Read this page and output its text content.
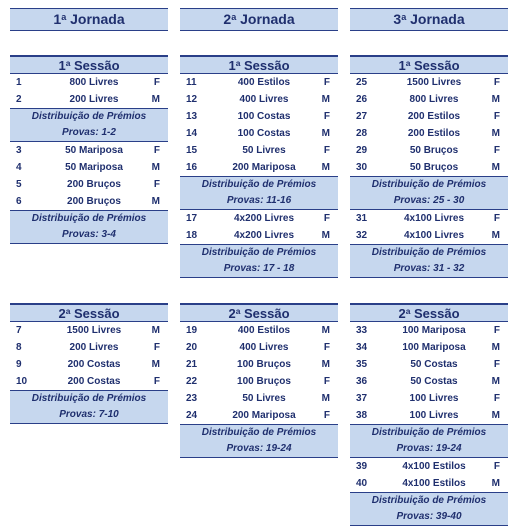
1$^a$ Jornada
1$^a$ Sessão
1	800 Livres	F
2	200 Livres	M
Distribuição de Prémios
Provas: 1-2
3	50 Mariposa	F
4	50 Mariposa	M
5	200 Bruços	F
6	200 Bruços	M
Distribuição de Prémios
Provas: 3-4
2$^a$ Sessão
7	1500 Livres	M
8	200 Livres	F
9	200 Costas	M
10	200 Costas	F
Distribuição de Prémios
Provas: 7-10
2$^a$ Jornada
1$^a$ Sessão
11	400 Estilos	F
12	400 Livres	M
13	100 Costas	F
14	100 Costas	M
15	50 Livres	F
16	200 Mariposa	M
Distribuição de Prémios
Provas: 11-16
17	4x200 Livres	F
18	4x200 Livres	M
Distribuição de Prémios
Provas: 17 - 18
2$^a$ Sessão
19	400 Estilos	M
20	400 Livres	F
21	100 Bruços	M
22	100 Bruços	F
23	50 Livres	M
24	200 Mariposa	F
Distribuição de Prémios
Provas: 19-24
3$^a$ Jornada
1$^a$ Sessão
25	1500 Livres	F
26	800 Livres	M
27	200 Estilos	F
28	200 Estilos	M
29	50 Bruços	F
30	50 Bruços	M
Distribuição de Prémios
Provas: 25 - 30
31	4x100 Livres	F
32	4x100 Livres	M
Distribuição de Prémios
Provas: 31 - 32
2$^a$ Sessão
33	100 Mariposa	F
34	100 Mariposa	M
35	50 Costas	F
36	50 Costas	M
37	100 Livres	F
38	100 Livres	M
Distribuição de Prémios
Provas: 19-24
39	4x100 Estilos	F
40	4x100 Estilos	M
Distribuição de Prémios
Provas: 39-40
